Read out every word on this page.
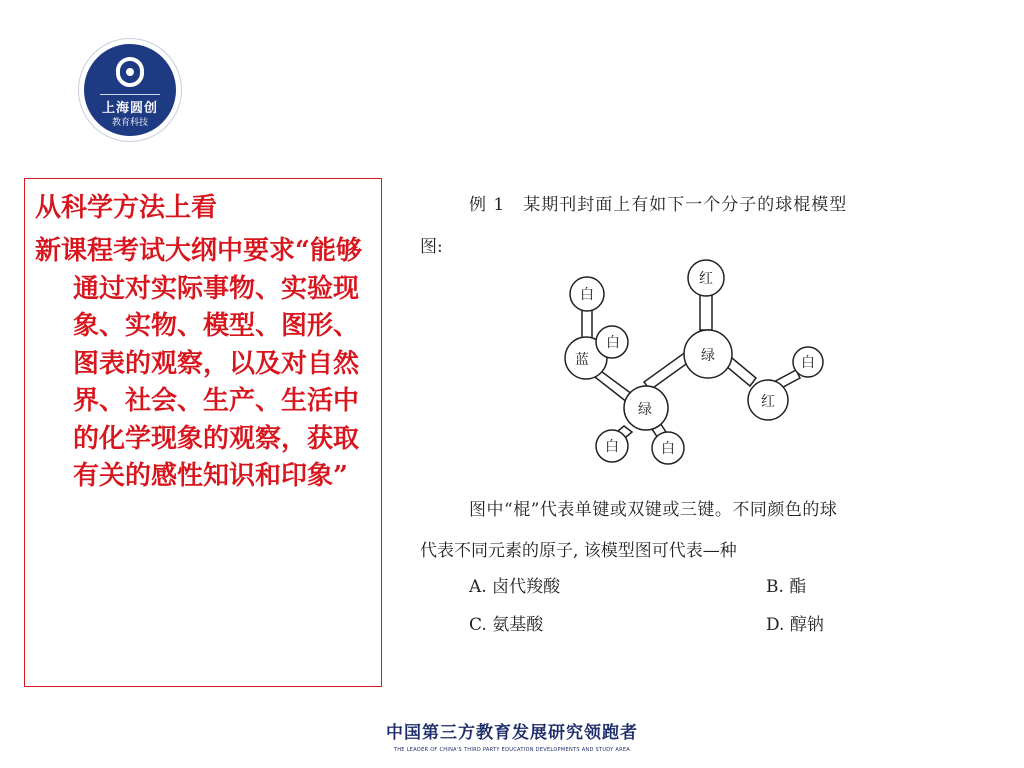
上海圆创
教育科技

从科学方法上看

新课程考试大纲中要求“能够通过对实际事物、实验现象、实物、模型、图形、图表的观察，以及对自然界、社会、生产、生活中的化学现象的观察，获取有关的感性知识和印象”

例 1　某期刊封面上有如下一个分子的球棍模型
图:
白
蓝
白
绿
白	白
绿
红
红
白
图中“棍”代表单键或双键或三键。不同颜色的球
代表不同元素的原子, 该模型图可代表—种
A. 卤代羧酸	B. 酯
C. 氨基酸	D. 醇钠
中国第三方教育发展研究领跑者
THE LEADER OF CHINA'S THIRD PARTY EDUCATION DEVELOPMENTS AND STUDY AREA
